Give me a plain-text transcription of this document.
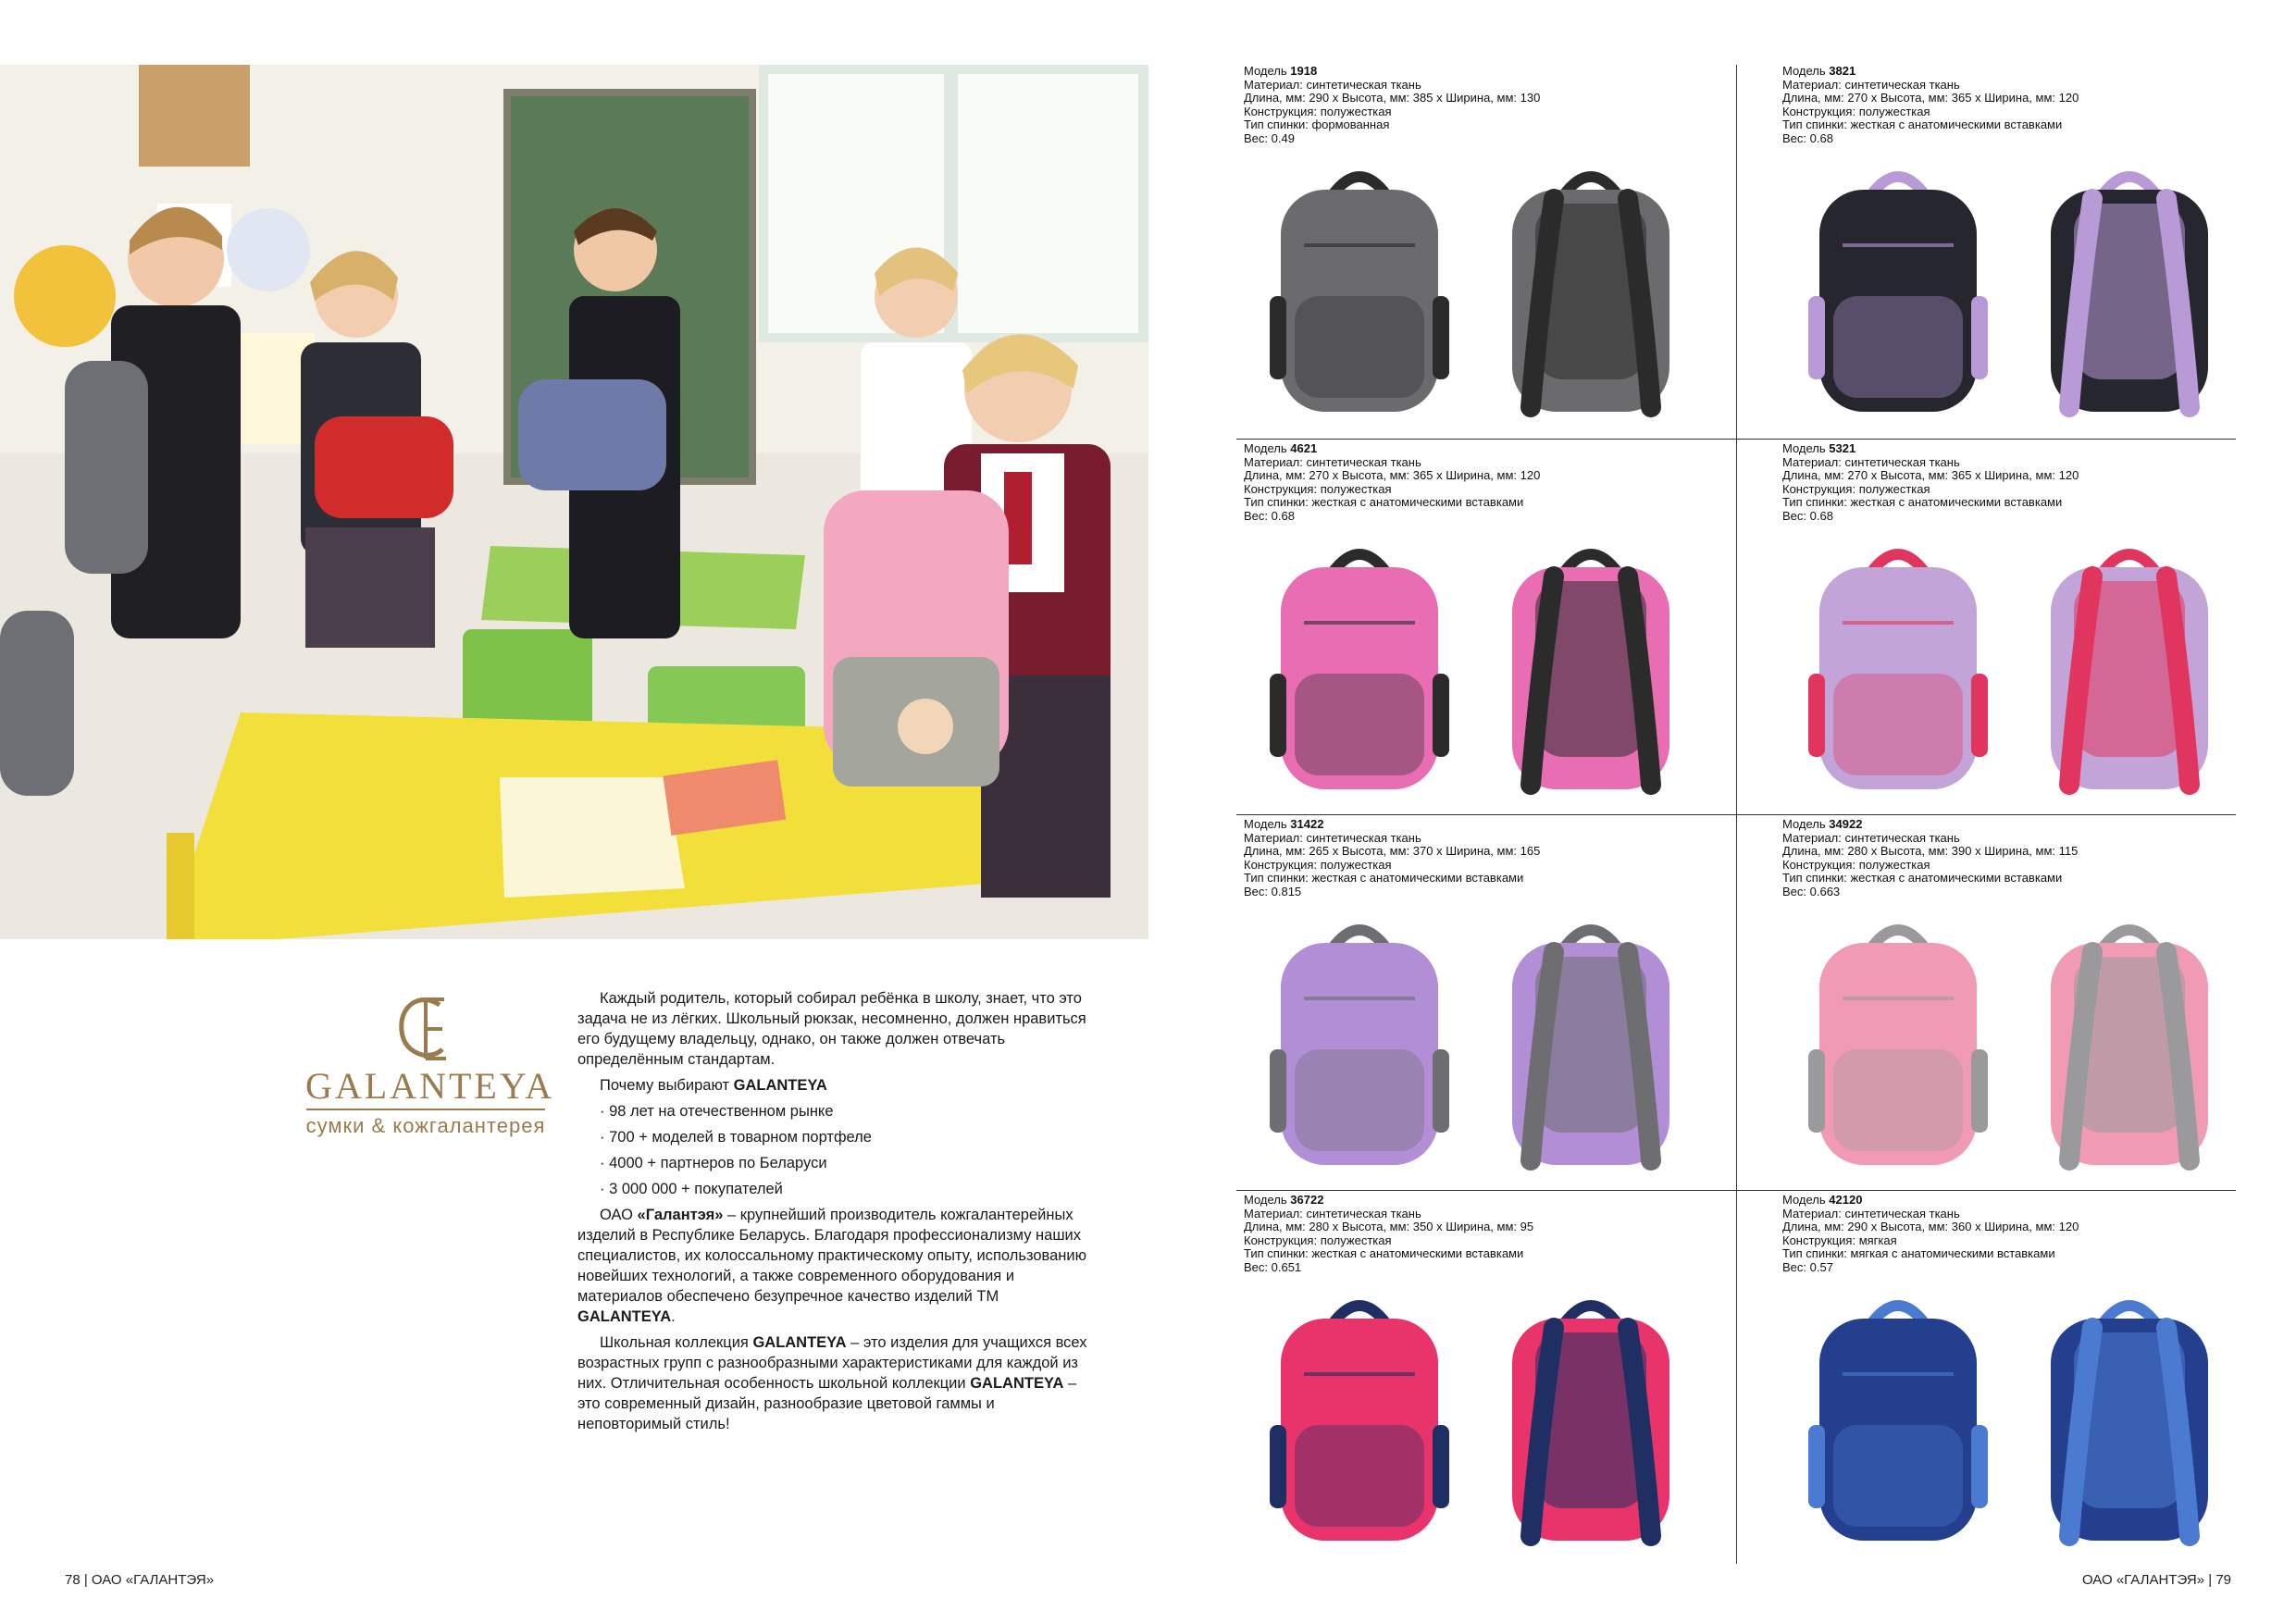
GALANTEYA
сумки & кожгалантерея

Каждый родитель, который собирал ребёнка в школу, знает, что это задача не из лёгких. Школьный рюкзак, несомненно, должен нравиться его будущему владельцу, однако, он также должен отвечать определённым стандартам.

Почему выбирают GALANTEYA

· 98 лет на отечественном рынке
· 700 + моделей в товарном портфеле
· 4000 + партнеров по Беларуси
· 3 000 000 + покупателей

ОАО «Галантэя» – крупнейший производитель кожгалантерейных изделий в Республике Беларусь. Благодаря профессионализму наших специалистов, их колоссальному практическому опыту, использованию новейших технологий, а также современного оборудования и материалов обеспечено безупречное качество изделий ТМ GALANTEYA.

Школьная коллекция GALANTEYA – это изделия для учащихся всех возрастных групп с разнообразными характеристиками для каждой из них. Отличительная особенность школьной коллекции GALANTEYA – это современный дизайн, разнообразие цветовой гаммы и неповторимый стиль!

78 | ОАО «ГАЛАНТЭЯ»	ОАО «ГАЛАНТЭЯ» | 79
Модель 1918
Материал: синтетическая ткань
Длина, мм: 290 х Высота, мм: 385 х Ширина, мм: 130
Конструкция: полужесткая
Тип спинки: формованная
Вес: 0.49
Модель 3821
Материал: синтетическая ткань
Длина, мм: 270 х Высота, мм: 365 х Ширина, мм: 120
Конструкция: полужесткая
Тип спинки: жесткая с анатомическими вставками
Вес: 0.68
Модель 4621
Материал: синтетическая ткань
Длина, мм: 270 х Высота, мм: 365 х Ширина, мм: 120
Конструкция: полужесткая
Тип спинки: жесткая с анатомическими вставками
Вес: 0.68
Модель 5321
Материал: синтетическая ткань
Длина, мм: 270 х Высота, мм: 365 х Ширина, мм: 120
Конструкция: полужесткая
Тип спинки: жесткая с анатомическими вставками
Вес: 0.68
Модель 31422
Материал: синтетическая ткань
Длина, мм: 265 х Высота, мм: 370 х Ширина, мм: 165
Конструкция: полужесткая
Тип спинки: жесткая с анатомическими вставками
Вес: 0.815
Модель 34922
Материал: синтетическая ткань
Длина, мм: 280 х Высота, мм: 390 х Ширина, мм: 115
Конструкция: полужесткая
Тип спинки: жесткая с анатомическими вставками
Вес: 0.663
Модель 36722
Материал: синтетическая ткань
Длина, мм: 280 х Высота, мм: 350 х Ширина, мм: 95
Конструкция: полужесткая
Тип спинки: жесткая с анатомическими вставками
Вес: 0.651
Модель 42120
Материал: синтетическая ткань
Длина, мм: 290 х Высота, мм: 360 х Ширина, мм: 120
Конструкция: мягкая
Тип спинки: мягкая с анатомическими вставками
Вес: 0.57
